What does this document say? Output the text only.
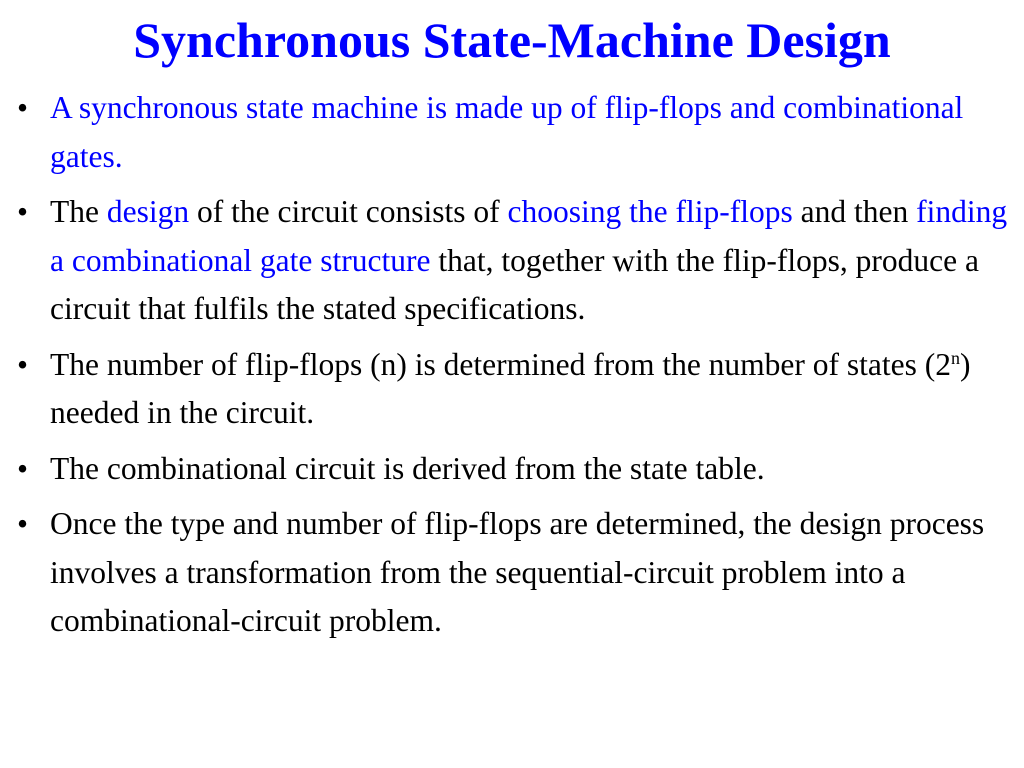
Synchronous State-Machine Design
• A synchronous state machine is made up of flip-flops and combinational gates.
• The design of the circuit consists of choosing the flip-flops and then finding a combinational gate structure that, together with the flip-flops, produce a circuit that fulfils the stated specifications.
• The number of flip-flops (n) is determined from the number of states (2$^n$) needed in the circuit.
• The combinational circuit is derived from the state table.
• Once the type and number of flip-flops are determined, the design process involves a transformation from the sequential-circuit problem into a combinational-circuit problem.
